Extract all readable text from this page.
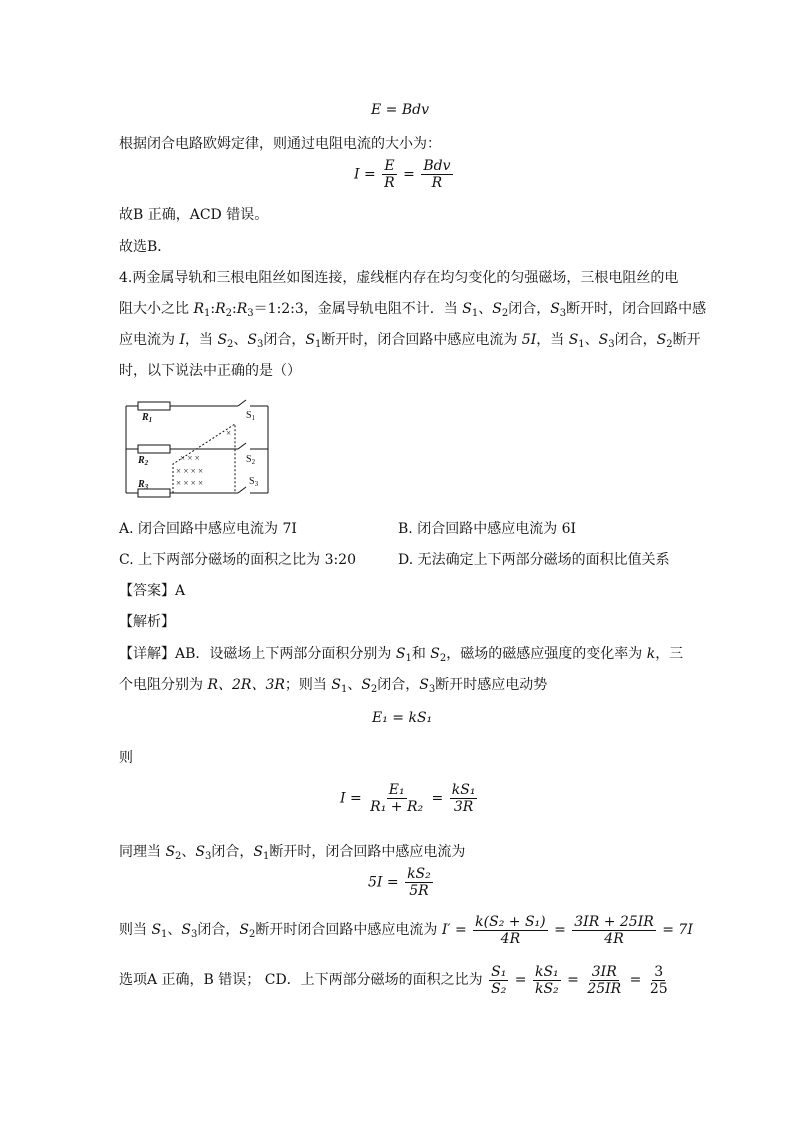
E = Bdv
根据闭合电路欧姆定律，则通过电阻电流的大小为：
$I = \frac{E}{R} = \frac{\text{Bdv}}{R}$
故B 正确，ACD 错误。
故选B．
4.两金属导轨和三根电阻丝如图连接，虚线框内存在均匀变化的匀强磁场，三根电阻丝的电
阻大小之比 $R_1:R_2:R_3=1:2:3$，金属导轨电阻不计．当 $S_1$、$S_2$闭合，$S_3$断开时，闭合回路中感
应电流为 I，当 $S_2$、$S_3$闭合，$S_1$断开时，闭合回路中感应电流为 5I，当 $S_1$、$S_3$闭合，$S_2$断开
时，以下说法中正确的是（）
× × ×
× × × ×
× × × ×
×
$R_1$
$R_2$
$R_3$
$S_1$
$S_2$
$S_3$
A. 闭合回路中感应电流为 7I	B. 闭合回路中感应电流为 6I
C. 上下两部分磁场的面积之比为 3:20	D. 无法确定上下两部分磁场的面积比值关系
【答案】A
【解析】
【详解】AB．设磁场上下两部分面积分别为 $S_1$和 $S_2$，磁场的磁感应强度的变化率为 k，三
个电阻分别为 R、2R、3R；则当 $S_1$、$S_2$闭合，$S_3$断开时感应电动势
E₁ = kS₁
则
$I = \frac{\text{E₁}}{\text{R₁ + R₂}} = \frac{\text{kS₁}}{3R}$
同理当 $S_2$、$S_3$闭合，$S_1$断开时，闭合回路中感应电流为
$5I = \frac{\text{kS₂}}{5R}$
则当 $S_1$、$S_3$闭合，$S_2$断开时闭合回路中感应电流为 $I' = \frac{\text{k(S₂ + S₁)}}{4R} = \frac{3IR + 25IR}{4R} = 7I$
选项A 正确，B 错误； CD．上下两部分磁场的面积之比为 $\frac{\text{S₁}}{\text{S₂}} = \frac{\text{kS₁}}{\text{kS₂}} = \frac{3IR}{25IR} = \frac{3}{25}$
